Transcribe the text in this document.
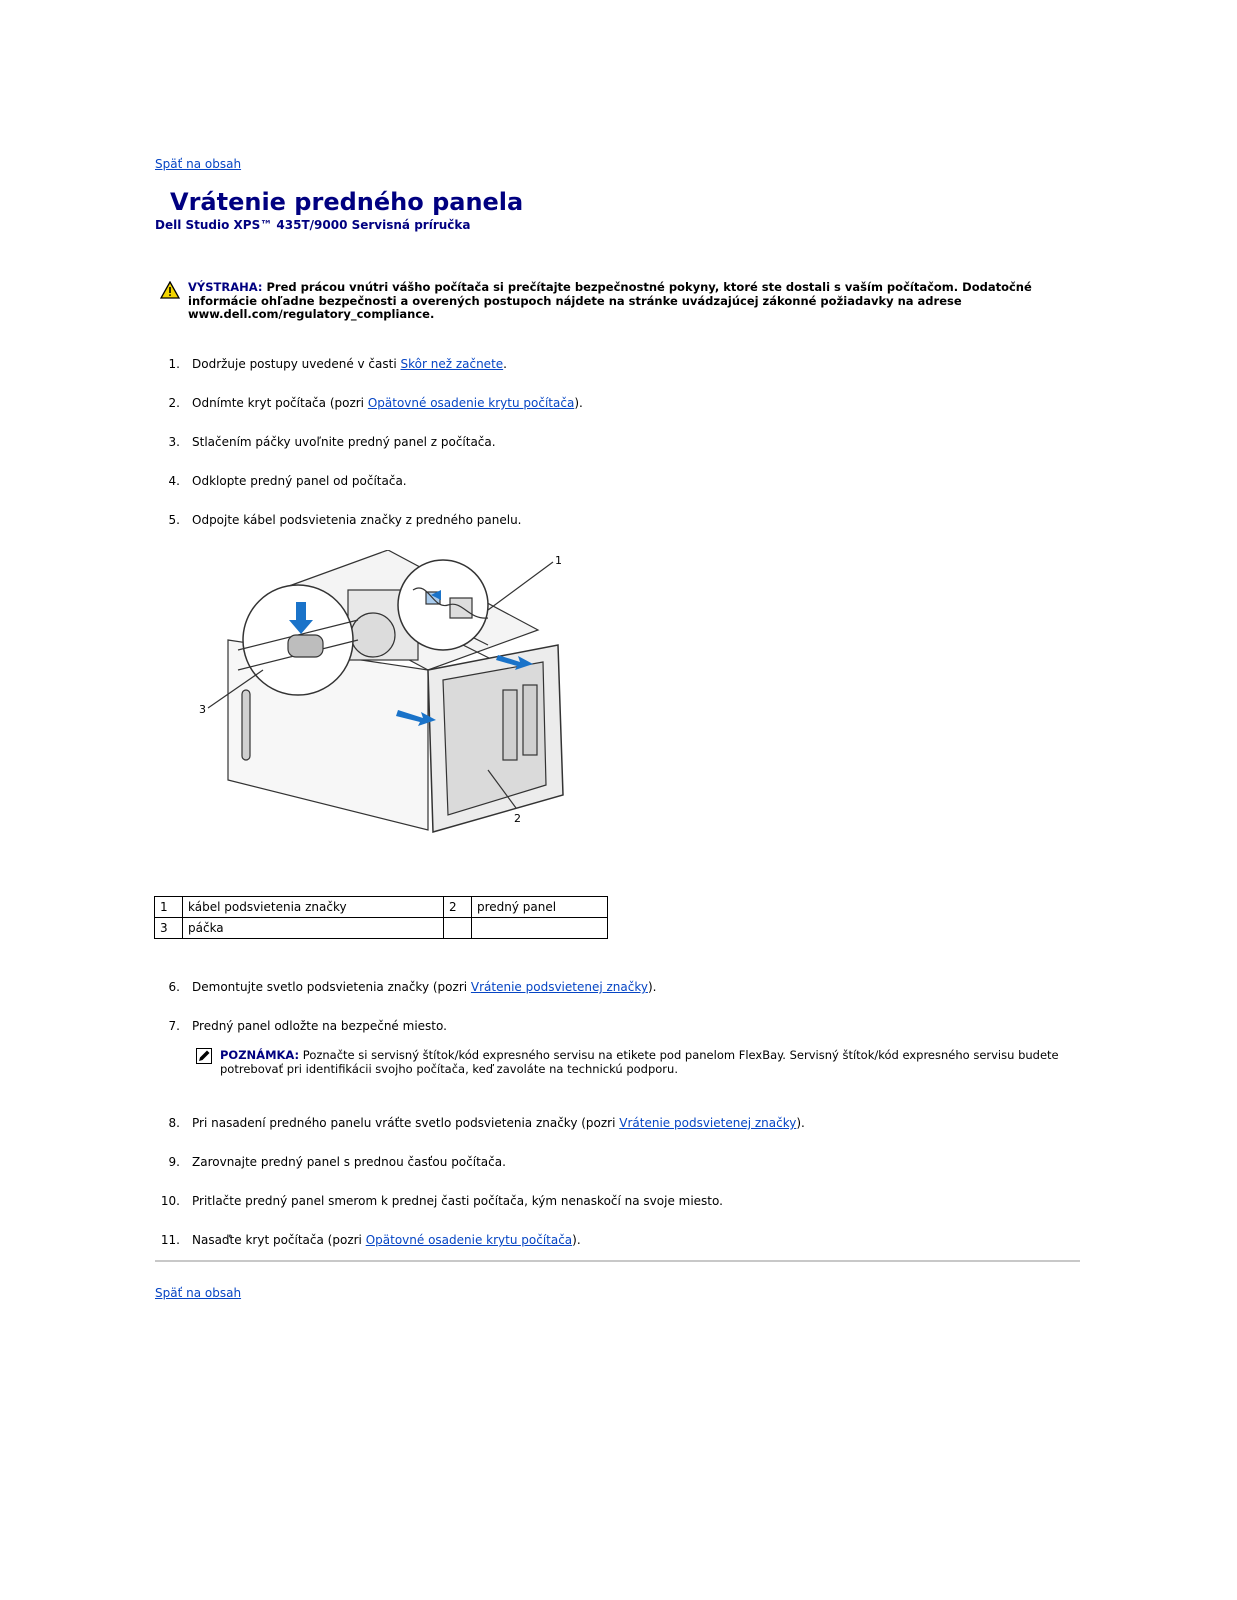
Späť na obsah
Vrátenie predného panela
Dell Studio XPS™ 435T/9000 Servisná príručka
VÝSTRAHA: Pred prácou vnútri vášho počítača si prečítajte bezpečnostné pokyny, ktoré ste dostali s vaším počítačom. Dodatočné informácie ohľadne bezpečnosti a overených postupoch nájdete na stránke uvádzajúcej zákonné požiadavky na adrese www.dell.com/regulatory_compliance.
1. Dodržuje postupy uvedené v časti Skôr než začnete.
2. Odnímte kryt počítača (pozri Opätovné osadenie krytu počítača).
3. Stlačením páčky uvoľnite predný panel z počítača.
4. Odklopte predný panel od počítača.
5. Odpojte kábel podsvietenia značky z predného panelu.
1
2
3
1	kábel podsvietenia značky	2	predný panel
3	páčka		
6. Demontujte svetlo podsvietenia značky (pozri Vrátenie podsvietenej značky).
7. Predný panel odložte na bezpečné miesto.
POZNÁMKA: Poznačte si servisný štítok/kód expresného servisu na etikete pod panelom FlexBay. Servisný štítok/kód expresného servisu budete potrebovať pri identifikácii svojho počítača, keď zavoláte na technickú podporu.
8. Pri nasadení predného panelu vráťte svetlo podsvietenia značky (pozri Vrátenie podsvietenej značky).
9. Zarovnajte predný panel s prednou časťou počítača.
10. Pritlačte predný panel smerom k prednej časti počítača, kým nenaskočí na svoje miesto.
11. Nasaďte kryt počítača (pozri Opätovné osadenie krytu počítača).
Späť na obsah
